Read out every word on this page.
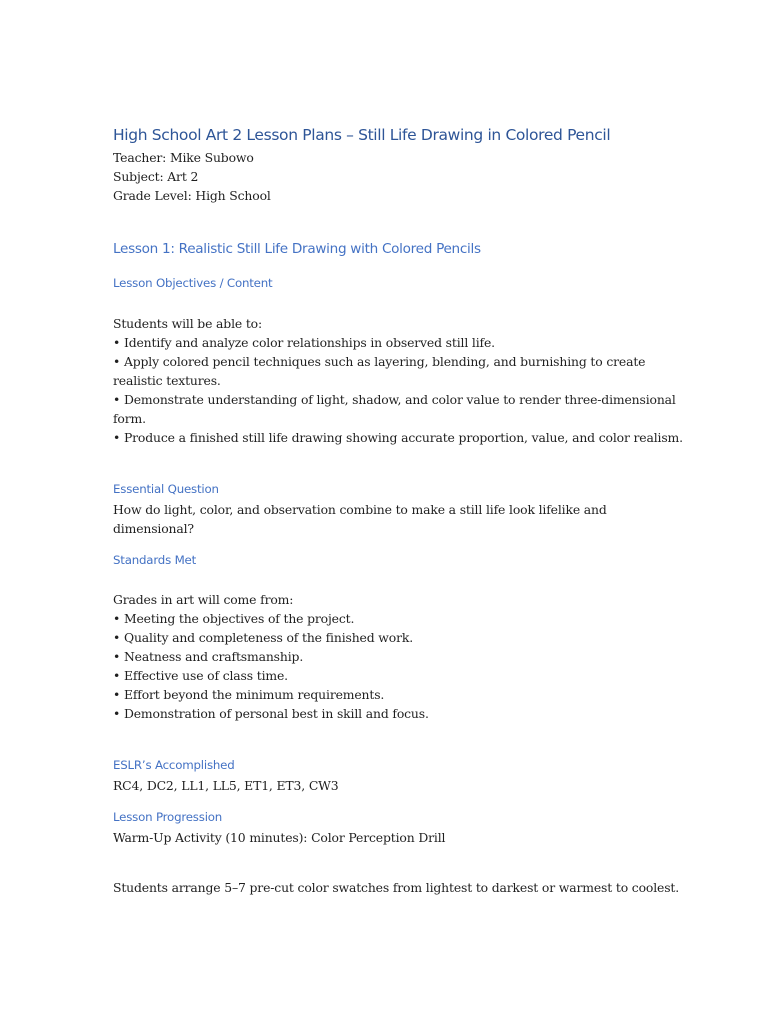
High School Art 2 Lesson Plans – Still Life Drawing in Colored Pencil
Teacher: Mike Subowo
Subject: Art 2
Grade Level: High School
Lesson 1: Realistic Still Life Drawing with Colored Pencils
Lesson Objectives / Content
Students will be able to:
• Identify and analyze color relationships in observed still life.
• Apply colored pencil techniques such as layering, blending, and burnishing to create
realistic textures.
• Demonstrate understanding of light, shadow, and color value to render three-dimensional
form.
• Produce a finished still life drawing showing accurate proportion, value, and color realism.
Essential Question
How do light, color, and observation combine to make a still life look lifelike and
dimensional?
Standards Met
Grades in art will come from:
• Meeting the objectives of the project.
• Quality and completeness of the finished work.
• Neatness and craftsmanship.
• Effective use of class time.
• Effort beyond the minimum requirements.
• Demonstration of personal best in skill and focus.
ESLR’s Accomplished
RC4, DC2, LL1, LL5, ET1, ET3, CW3
Lesson Progression
Warm-Up Activity (10 minutes): Color Perception Drill
Students arrange 5–7 pre-cut color swatches from lightest to darkest or warmest to coolest.
